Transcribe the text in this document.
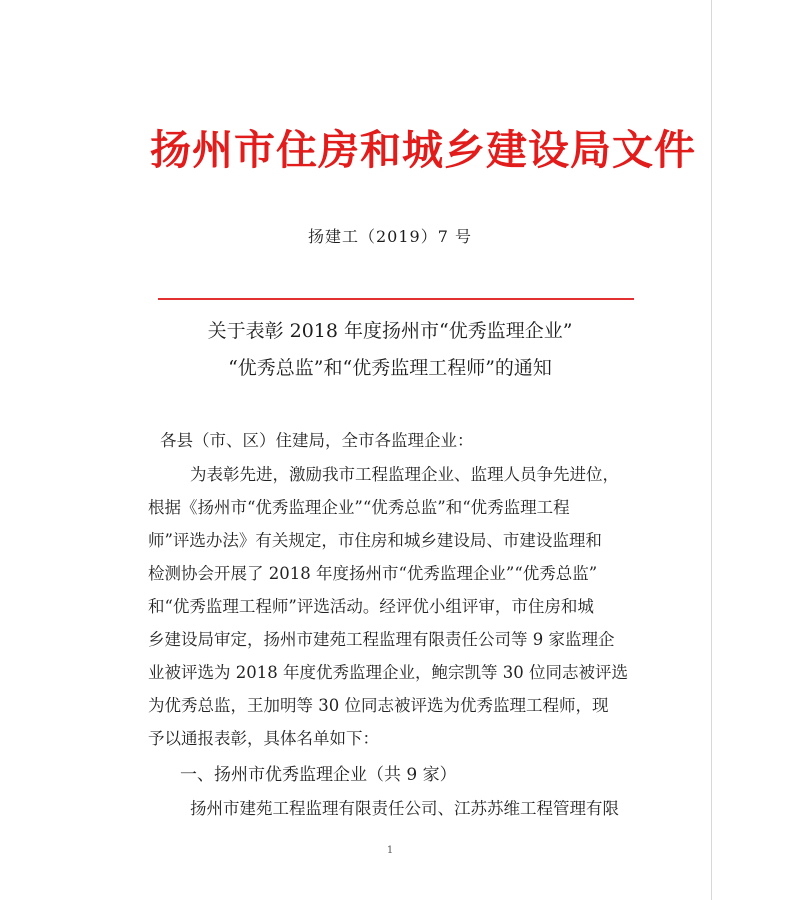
扬州市住房和城乡建设局文件
扬建工（2019）7 号
关于表彰 2018 年度扬州市“优秀监理企业”
“优秀总监”和“优秀监理工程师”的通知
各县（市、区）住建局，全市各监理企业：
为表彰先进，激励我市工程监理企业、监理人员争先进位，
根据《扬州市“优秀监理企业”“优秀总监”和“优秀监理工程
师”评选办法》有关规定，市住房和城乡建设局、市建设监理和
检测协会开展了 2018 年度扬州市“优秀监理企业”“优秀总监”
和“优秀监理工程师”评选活动。经评优小组评审，市住房和城
乡建设局审定，扬州市建苑工程监理有限责任公司等 9 家监理企
业被评选为 2018 年度优秀监理企业，鲍宗凯等 30 位同志被评选
为优秀总监，王加明等 30 位同志被评选为优秀监理工程师，现
予以通报表彰，具体名单如下：
一、扬州市优秀监理企业（共 9 家）
扬州市建苑工程监理有限责任公司、江苏苏维工程管理有限
1
